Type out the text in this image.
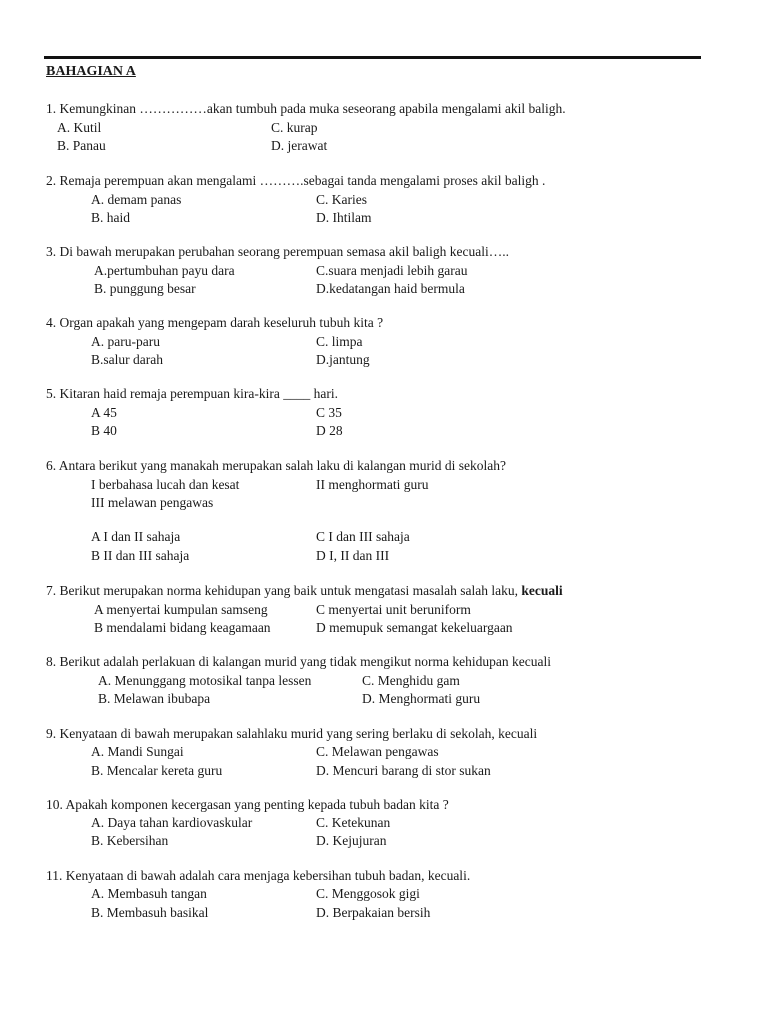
BAHAGIAN A
1. Kemungkinan ……………akan tumbuh pada muka seseorang apabila mengalami akil baligh.
A. Kutil	C. kurap
B. Panau	D. jerawat
2. Remaja perempuan akan mengalami ……….sebagai tanda mengalami proses akil baligh .
A. demam panas	C. Karies
B. haid	D. Ihtilam
3. Di bawah merupakan perubahan seorang perempuan semasa akil baligh kecuali…..
A.pertumbuhan payu dara	C.suara menjadi lebih garau
B. punggung besar	D.kedatangan haid bermula
4. Organ apakah yang mengepam darah keseluruh tubuh kita ?
A. paru-paru	C. limpa
B.salur darah	D.jantung
5. Kitaran haid remaja perempuan kira-kira ____ hari.
A 45	C 35
B 40	D 28
6. Antara berikut yang manakah merupakan salah laku di kalangan murid di sekolah?
I berbahasa lucah dan kesat	II menghormati guru
III melawan pengawas
A I dan II sahaja	C I dan III sahaja
B II dan III sahaja	D I, II dan III
7. Berikut merupakan norma kehidupan yang baik untuk mengatasi masalah salah laku, kecuali
A menyertai kumpulan samseng	C menyertai unit beruniform
B mendalami bidang keagamaan	D memupuk semangat kekeluargaan
8. Berikut adalah perlakuan di kalangan murid yang tidak mengikut norma kehidupan kecuali
A. Menunggang motosikal tanpa lessen	C. Menghidu gam
B. Melawan ibubapa	D. Menghormati guru
9. Kenyataan di bawah merupakan salahlaku murid yang sering berlaku di sekolah, kecuali
A. Mandi Sungai	C. Melawan pengawas
B. Mencalar kereta guru	D. Mencuri barang di stor sukan
10. Apakah komponen kecergasan yang penting kepada tubuh badan kita ?
A. Daya tahan kardiovaskular	C. Ketekunan
B. Kebersihan	D. Kejujuran
11. Kenyataan di bawah adalah cara menjaga kebersihan tubuh badan, kecuali.
A. Membasuh tangan	C. Menggosok gigi
B. Membasuh basikal	D. Berpakaian bersih
